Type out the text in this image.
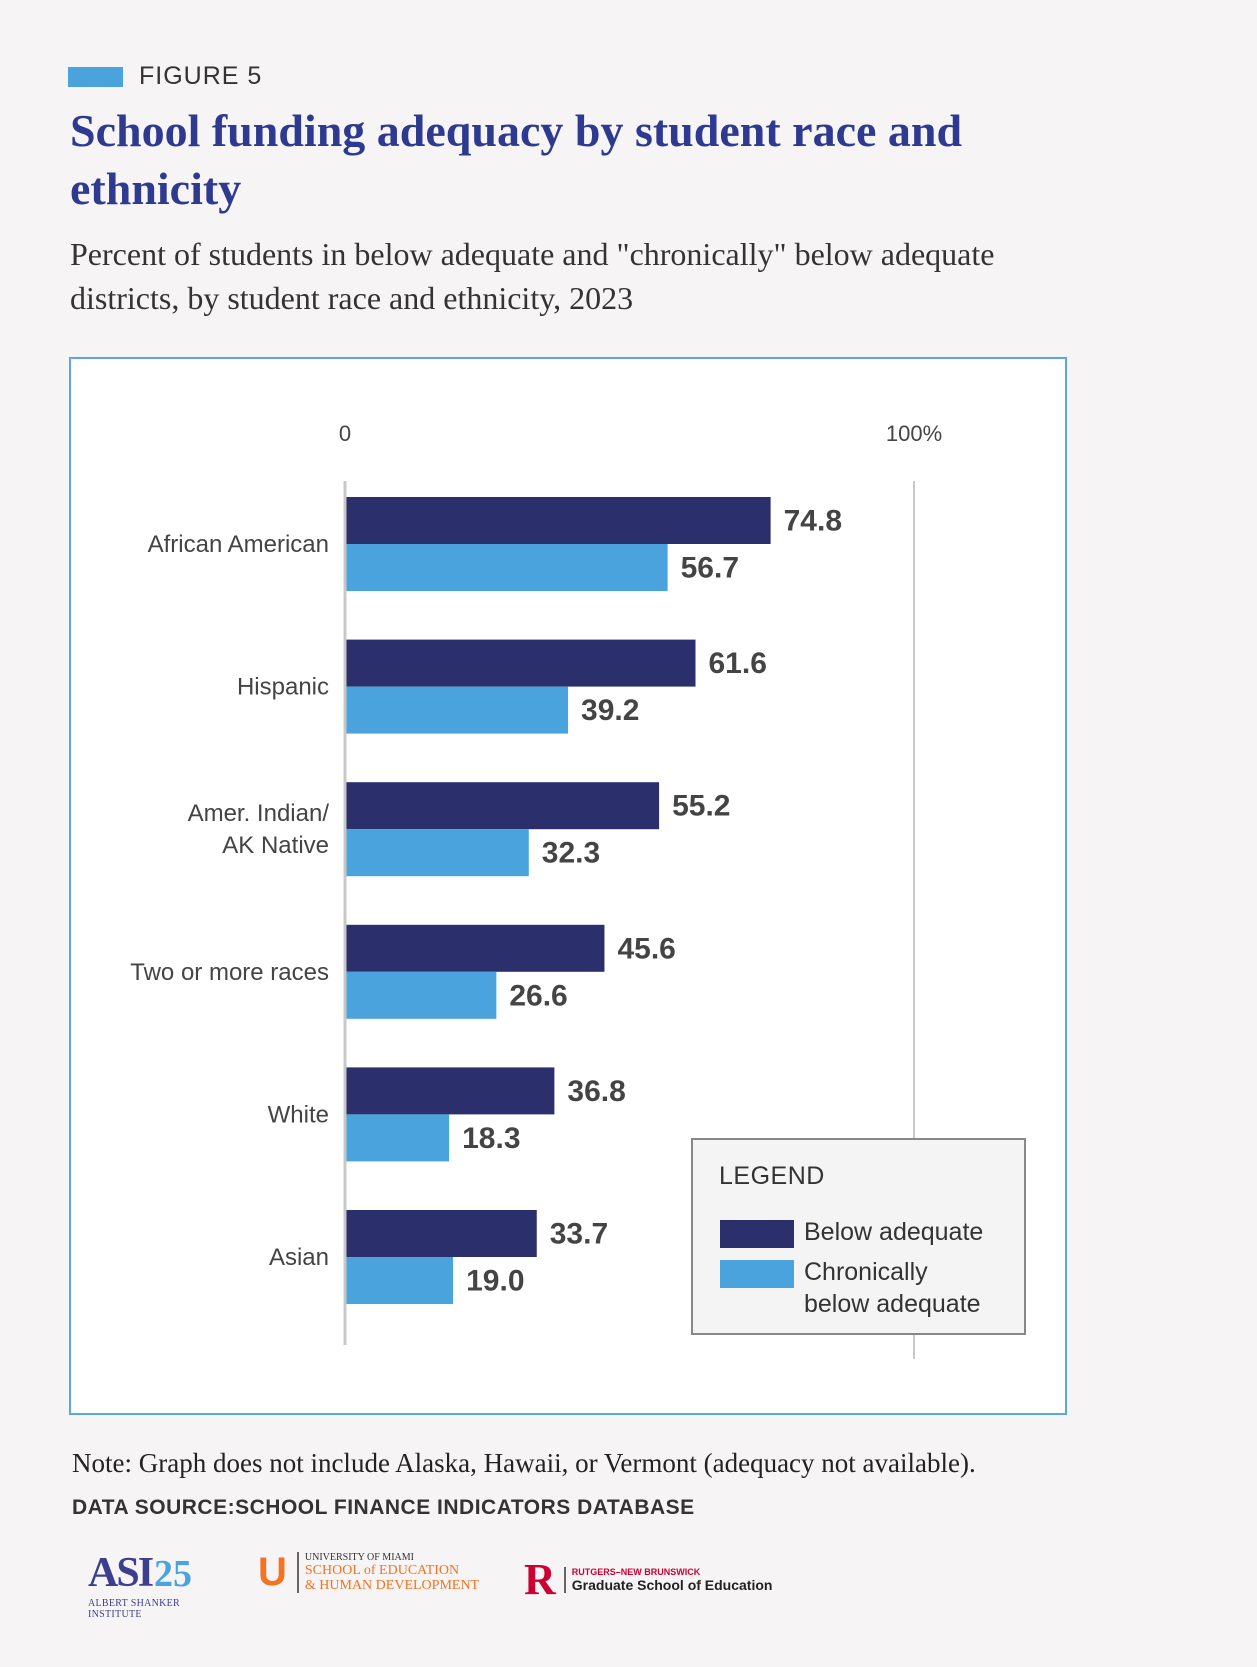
FIGURE 5
School funding adequacy by student race and ethnicity

Percent of students in below adequate and "chronically" below adequate districts, by student race and ethnicity, 2023

0	100%
74.8
56.7
African American
61.6
39.2
Hispanic
55.2
32.3
Amer. Indian/ AK Native
45.6
26.6
Two or more races
36.8
18.3
White
33.7
19.0
Asian
LEGEND
Below adequate
Chronically
below adequate
Note: Graph does not include Alaska, Hawaii, or Vermont (adequacy not available).
DATA SOURCE:SCHOOL FINANCE INDICATORS DATABASE
ASI25
ALBERT SHANKER INSTITUTE
U UNIVERSITY OF MIAMI
SCHOOL of EDUCATION
& HUMAN DEVELOPMENT R RUTGERS–NEW BRUNSWICK
Graduate School of Education
